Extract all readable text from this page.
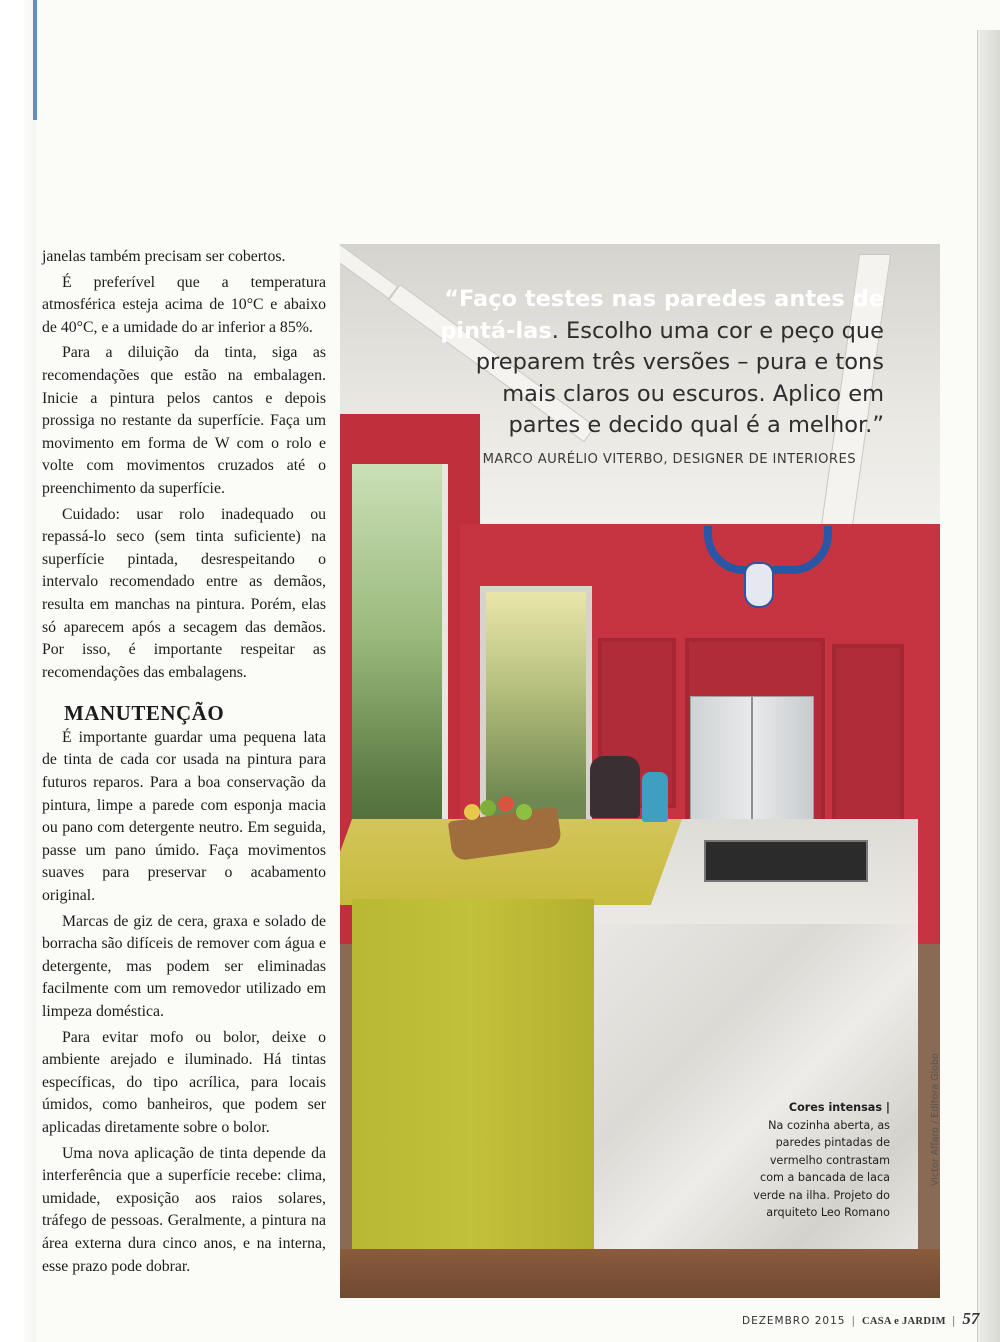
janelas também precisam ser cobertos.

É preferível que a temperatura atmosférica esteja acima de 10°C e abaixo de 40°C, e a umidade do ar inferior a 85%.

Para a diluição da tinta, siga as recomendações que estão na embalagen. Inicie a pintura pelos cantos e depois prossiga no restante da superfície. Faça um movimento em forma de W com o rolo e volte com movimentos cruzados até o preenchimento da superfície.

Cuidado: usar rolo inadequado ou repassá-lo seco (sem tinta suficiente) na superfície pintada, desrespeitando o intervalo recomendado entre as demãos, resulta em manchas na pintura. Porém, elas só aparecem após a secagem das demãos. Por isso, é importante respeitar as recomendações das embalagens.

MANUTENÇÃO

É importante guardar uma pequena lata de tinta de cada cor usada na pintura para futuros reparos. Para a boa conservação da pintura, limpe a parede com esponja macia ou pano com detergente neutro. Em seguida, passe um pano úmido. Faça movimentos suaves para preservar o acabamento original.

Marcas de giz de cera, graxa e solado de borracha são difíceis de remover com água e detergente, mas podem ser eliminadas facilmente com um removedor utilizado em limpeza doméstica.

Para evitar mofo ou bolor, deixe o ambiente arejado e iluminado. Há tintas específicas, do tipo acrílica, para locais úmidos, como banheiros, que podem ser aplicadas diretamente sobre o bolor.

Uma nova aplicação de tinta depende da interferência que a superfície recebe: clima, umidade, exposição aos raios solares, tráfego de pessoas. Geralmente, a pintura na área externa dura cinco anos, e na interna, esse prazo pode dobrar.

“Faço testes nas paredes antes de pintá-las. Escolho uma cor e peço que preparem três versões – pura e tons mais claros ou escuros. Aplico em partes e decido qual é a melhor.”
MARCO AURÉLIO VITERBO, DESIGNER DE INTERIORES
Cores intensas |
Na cozinha aberta, as paredes pintadas de vermelho contrastam com a bancada de laca verde na ilha. Projeto do arquiteto Leo Romano
Victor Affaro / Editora Globo
DEZEMBRO 2015 | CASA e JARDIM | 57
